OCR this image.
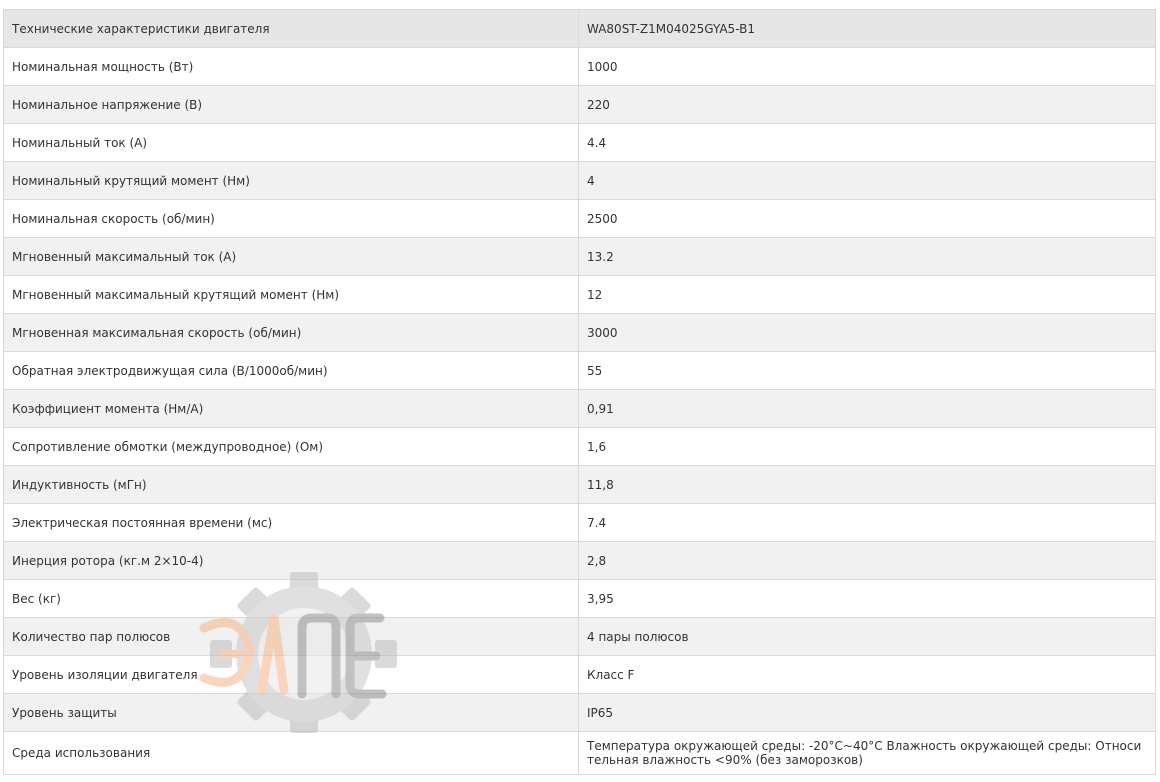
Технические характеристики двигателя	WA80ST-Z1M04025GYA5-B1
Номинальная мощность (Вт)	1000
Номинальное напряжение (В)	220
Номинальный ток (А)	4.4
Номинальный крутящий момент (Нм)	4
Номинальная скорость (об/мин)	2500
Мгновенный максимальный ток (А)	13.2
Мгновенный максимальный крутящий момент (Нм)	12
Мгновенная максимальная скорость (об/мин)	3000
Обратная электродвижущая сила (В/1000об/мин)	55
Коэффициент момента (Нм/А)	0,91
Сопротивление обмотки (междупроводное) (Ом)	1,6
Индуктивность (мГн)	11,8
Электрическая постоянная времени (мс)	7.4
Инерция ротора (кг.м 2×10-4)	2,8
Вес (кг)	3,95
Количество пар полюсов	4 пары полюсов
Уровень изоляции двигателя	Класс F
Уровень защиты	IP65
Среда использования	Температура окружающей среды: -20°C~40°C Влажность окружающей среды: Относительная влажность <90% (без заморозков)
